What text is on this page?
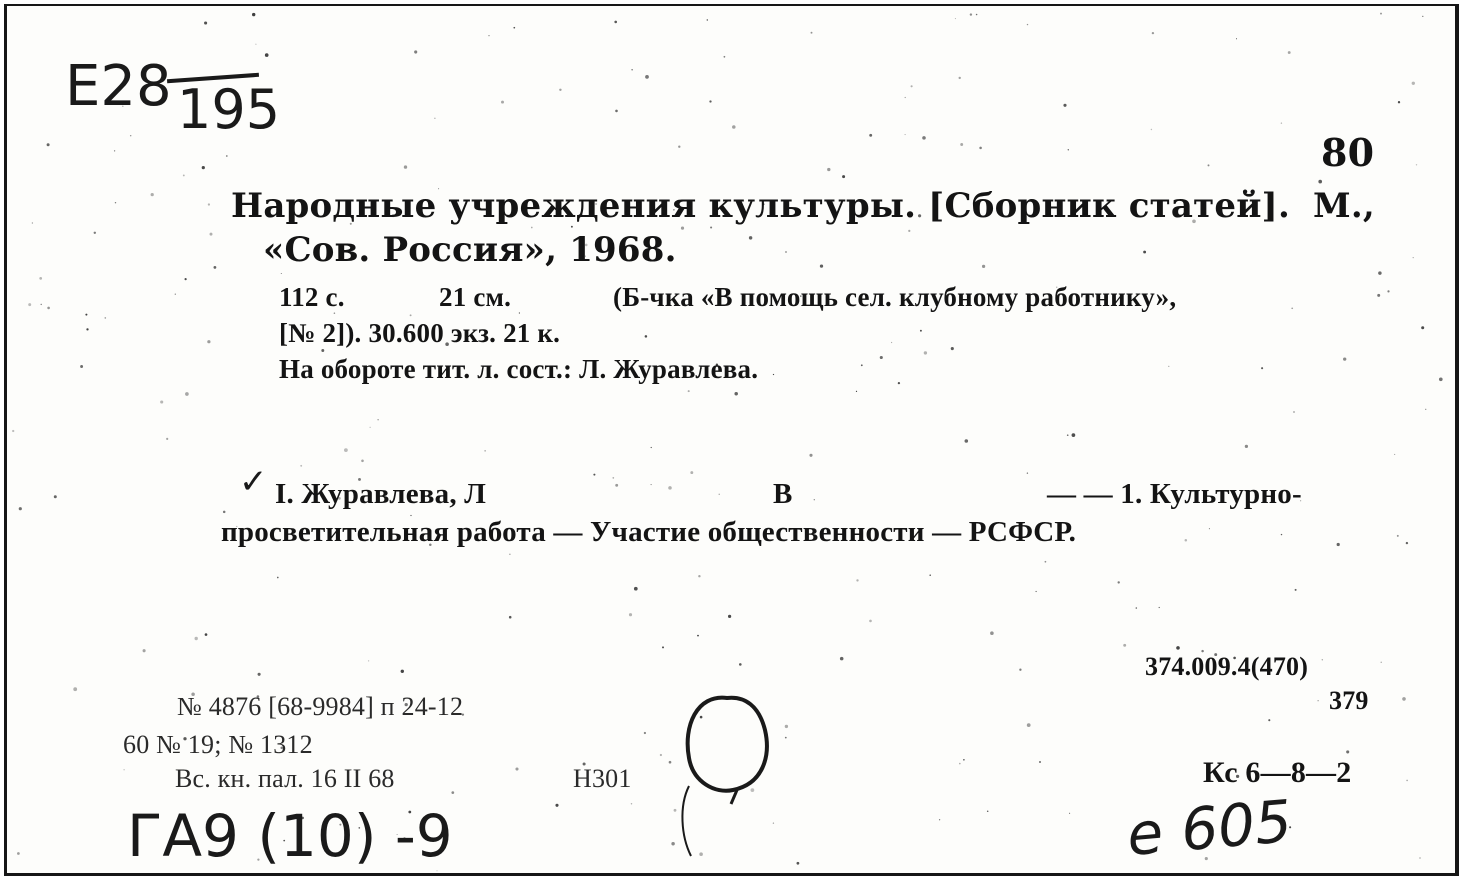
E28 195
80
Народные учреждения культуры. [Сборник статей]. М.,
«Сов. Россия», 1968.
112 с.	21 см.	(Б-чка «В помощь сел. клубному работнику»,
[№ 2]). 30.600 экз. 21 к.
На обороте тит. л. сост.: Л. Журавлева.
✓ I. Журавлева, Л	В	— — 1. Культурно-
просветительная работа — Участие общественности — РСФСР.
374.009.4(470)
379
№ 4876 [68-9984] п 24-12
60 № 19; № 1312
Вс. кн. пал. 16 II 68	Н301	Кс 6—8—2
ГА9 (10) -9	e 605
